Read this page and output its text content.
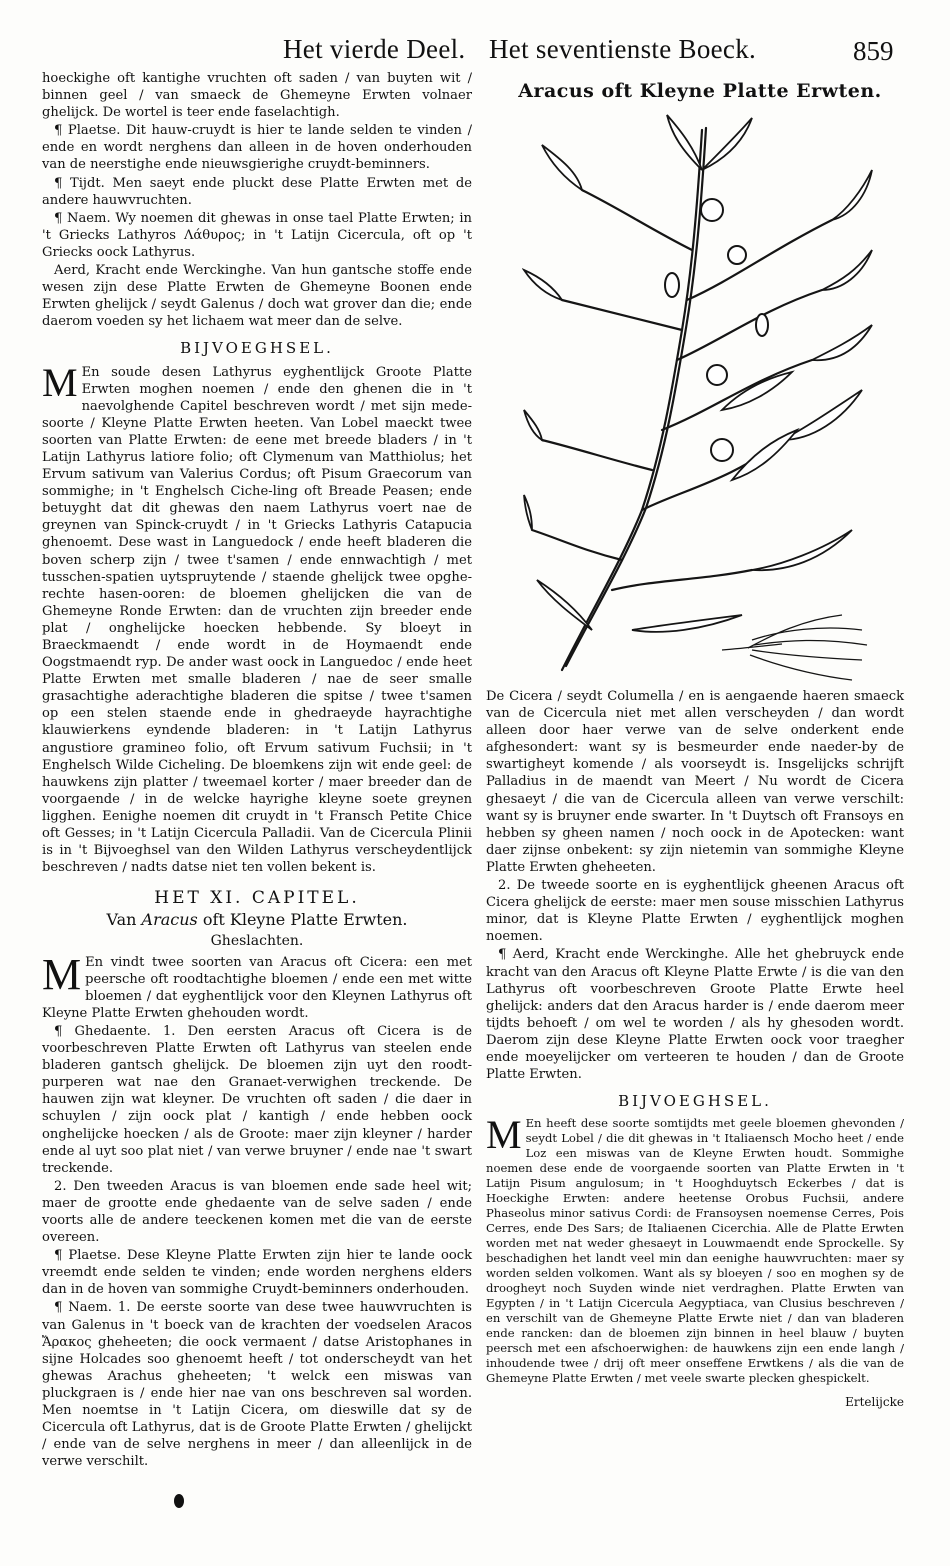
Het vierde Deel. Het seventienste Boeck.	859

hoeckighe oft kantighe vruchten oft saden / van buyten wit / binnen geel / van smaeck de Ghemeyne Erwten volnaer ghelijck. De wortel is teer ende faselachtigh.

¶ Plaetse. Dit hauw-cruydt is hier te lande selden te vinden / ende en wordt nerghens dan alleen in de hoven onderhouden van de neerstighe ende nieuwsgierighe cruydt-beminners.

¶ Tijdt. Men saeyt ende pluckt dese Platte Erwten met de andere hauwvruchten.

¶ Naem. Wy noemen dit ghewas in onse tael Platte Erwten; in 't Griecks Lathyros Λάθυρος; in 't Latijn Cicercula, oft op 't Griecks oock Lathyrus.

Aerd, Kracht ende Werckinghe. Van hun gantsche stoffe ende wesen zijn dese Platte Erwten de Ghemeyne Boonen ende Erwten ghelijck / seydt Galenus / doch wat grover dan die; ende daerom voeden sy het lichaem wat meer dan de selve.

BIJVOEGHSEL.

M En soude desen Lathyrus eyghentlijck Groote Platte Erwten moghen noemen / ende den ghenen die in 't naevolghende Capitel beschreven wordt / met sijn mede-soorte / Kleyne Platte Erwten heeten. Van Lobel maeckt twee soorten van Platte Erwten: de eene met breede bladers / in 't Latijn Lathyrus latiore folio; oft Clymenum van Matthiolus; het Ervum sativum van Valerius Cordus; oft Pisum Graecorum van sommighe; in 't Enghelsch Ciche-ling oft Breade Peasen; ende betuyght dat dit ghewas den naem Lathyrus voert nae de greynen van Spinck-cruydt / in 't Griecks Lathyris Catapucia ghenoemt. Dese wast in Languedock / ende heeft bladeren die boven scherp zijn / twee t'samen / ende ennwachtigh / met tusschen-spatien uytspruytende / staende ghelijck twee opghe-rechte hasen-ooren: de bloemen ghelijcken die van de Ghemeyne Ronde Erwten: dan de vruchten zijn breeder ende plat / onghelijcke hoecken hebbende. Sy bloeyt in Braeckmaendt / ende wordt in de Hoymaendt ende Oogstmaendt ryp. De ander wast oock in Languedoc / ende heet Platte Erwten met smalle bladeren / nae de seer smalle grasachtighe aderachtighe bladeren die spitse / twee t'samen op een stelen staende ende in ghedraeyde hayrachtighe klauwierkens eyndende bladeren: in 't Latijn Lathyrus angustiore gramineo folio, oft Ervum sativum Fuchsii; in 't Enghelsch Wilde Cicheling. De bloemkens zijn wit ende geel: de hauwkens zijn platter / tweemael korter / maer breeder dan de voorgaende / in de welcke hayrighe kleyne soete greynen ligghen. Eenighe noemen dit cruydt in 't Fransch Petite Chice oft Gesses; in 't Latijn Cicercula Palladii. Van de Cicercula Plinii is in 't Bijvoeghsel van den Wilden Lathyrus verscheydentlijck beschreven / nadts datse niet ten vollen bekent is.

HET XI. CAPITEL.
Van Aracus oft Kleyne Platte Erwten.
Gheslachten.

M En vindt twee soorten van Aracus oft Cicera: een met peersche oft roodtachtighe bloemen / ende een met witte bloemen / dat eyghentlijck voor den Kleynen Lathyrus oft Kleyne Platte Erwten ghehouden wordt.

¶ Ghedaente. 1. Den eersten Aracus oft Cicera is de voorbeschreven Platte Erwten oft Lathyrus van steelen ende bladeren gantsch ghelijck. De bloemen zijn uyt den roodt-purperen wat nae den Granaet-verwighen treckende. De hauwen zijn wat kleyner. De vruchten oft saden / die daer in schuylen / zijn oock plat / kantigh / ende hebben oock onghelijcke hoecken / als de Groote: maer zijn kleyner / harder ende al uyt soo plat niet / van verwe bruyner / ende nae 't swart treckende.

2. Den tweeden Aracus is van bloemen ende sade heel wit; maer de grootte ende ghedaente van de selve saden / ende voorts alle de andere teeckenen komen met die van de eerste overeen.

¶ Plaetse. Dese Kleyne Platte Erwten zijn hier te lande oock vreemdt ende selden te vinden; ende worden nerghens elders dan in de hoven van sommighe Cruydt-beminners onderhouden.

¶ Naem. 1. De eerste soorte van dese twee hauwvruchten is van Galenus in 't boeck van de krachten der voedselen Aracos Ἄρακος gheheeten; die oock vermaent / datse Aristophanes in sijne Holcades soo ghenoemt heeft / tot onderscheydt van het ghewas Arachus gheheeten; 't welck een miswas van pluckgraen is / ende hier nae van ons beschreven sal worden. Men noemtse in 't Latijn Cicera, om dieswille dat sy de Cicercula oft Lathyrus, dat is de Groote Platte Erwten / ghelijckt / ende van de selve nerghens in meer / dan alleenlijck in de verwe verschilt.

Aracus oft Kleyne Platte Erwten.

De Cicera / seydt Columella / en is aengaende haeren smaeck van de Cicercula niet met allen verscheyden / dan wordt alleen door haer verwe van de selve onderkent ende afghesondert: want sy is besmeurder ende naeder-by de swartigheyt komende / als voorseydt is. Insgelijcks schrijft Palladius in de maendt van Meert / Nu wordt de Cicera ghesaeyt / die van de Cicercula alleen van verwe verschilt: want sy is bruyner ende swarter. In 't Duytsch oft Fransoys en hebben sy gheen namen / noch oock in de Apotecken: want daer zijnse onbekent: sy zijn nietemin van sommighe Kleyne Platte Erwten gheheeten.

2. De tweede soorte en is eyghentlijck gheenen Aracus oft Cicera ghelijck de eerste: maer men souse misschien Lathyrus minor, dat is Kleyne Platte Erwten / eyghentlijck moghen noemen.

¶ Aerd, Kracht ende Werckinghe. Alle het ghebruyck ende kracht van den Aracus oft Kleyne Platte Erwte / is die van den Lathyrus oft voorbeschreven Groote Platte Erwte heel ghelijck: anders dat den Aracus harder is / ende daerom meer tijdts behoeft / om wel te worden / als hy ghesoden wordt. Daerom zijn dese Kleyne Platte Erwten oock voor traegher ende moeyelijcker om verteeren te houden / dan de Groote Platte Erwten.

BIJVOEGHSEL.

M En heeft dese soorte somtijdts met geele bloemen ghevonden / seydt Lobel / die dit ghewas in 't Italiaensch Mocho heet / ende Loz een miswas van de Kleyne Erwten houdt. Sommighe noemen dese ende de voorgaende soorten van Platte Erwten in 't Latijn Pisum angulosum; in 't Hooghduytsch Eckerbes / dat is Hoeckighe Erwten: andere heetense Orobus Fuchsii, andere Phaseolus minor sativus Cordi: de Fransoysen noemense Cerres, Pois Cerres, ende Des Sars; de Italiaenen Cicerchia. Alle de Platte Erwten worden met nat weder ghesaeyt in Louwmaendt ende Sprockelle. Sy beschadighen het landt veel min dan eenighe hauwvruchten: maer sy worden selden volkomen. Want als sy bloeyen / soo en moghen sy de droogheyt noch Suyden winde niet verdraghen. Platte Erwten van Egypten / in 't Latijn Cicercula Aegyptiaca, van Clusius beschreven / en verschilt van de Ghemeyne Platte Erwte niet / dan van bladeren ende rancken: dan de bloemen zijn binnen in heel blauw / buyten peersch met een afschoerwighen: de hauwkens zijn een ende langh / inhoudende twee / drij oft meer onseffene Erwtkens / als die van de Ghemeyne Platte Erwten / met veele swarte plecken ghespickelt.

Ertelijcke
